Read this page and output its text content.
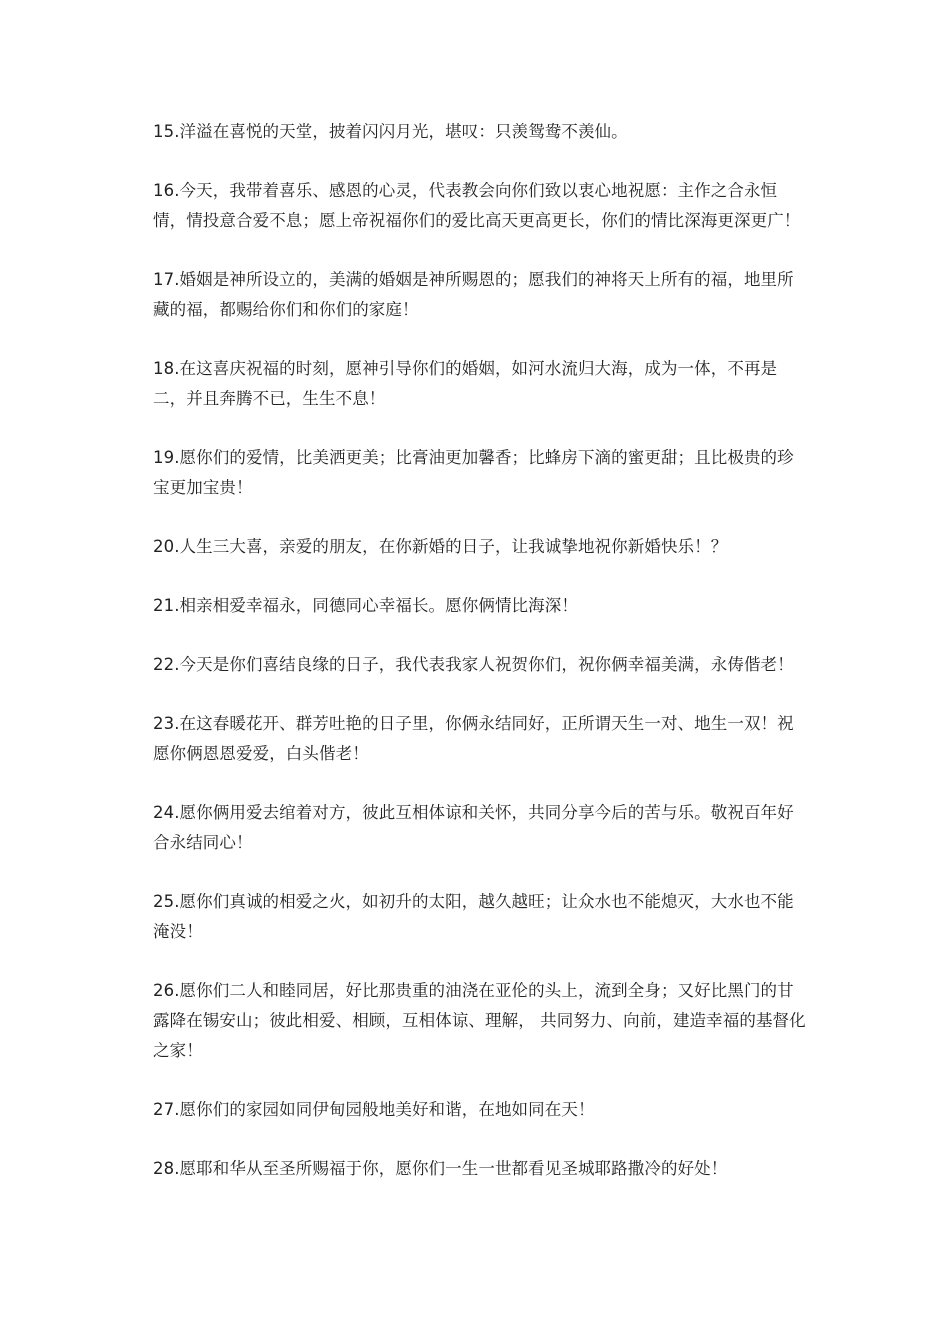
15.洋溢在喜悦的天堂，披着闪闪月光，堪叹：只羡鸳鸯不羡仙。

16.今天，我带着喜乐、感恩的心灵，代表教会向你们致以衷心地祝愿：主作之合永恒情，情投意合爱不息；愿上帝祝福你们的爱比高天更高更长，你们的情比深海更深更广！

17.婚姻是神所设立的，美满的婚姻是神所赐恩的；愿我们的神将天上所有的福，地里所藏的福，都赐给你们和你们的家庭！

18.在这喜庆祝福的时刻，愿神引导你们的婚姻，如河水流归大海，成为一体，不再是二，并且奔腾不已，生生不息！

19.愿你们的爱情，比美洒更美；比膏油更加馨香；比蜂房下滴的蜜更甜；且比极贵的珍宝更加宝贵！

20.人生三大喜，亲爱的朋友，在你新婚的日子，让我诚挚地祝你新婚快乐！？

21.相亲相爱幸福永，同德同心幸福长。愿你俩情比海深！

22.今天是你们喜结良缘的日子，我代表我家人祝贺你们，祝你俩幸福美满，永俦偕老！

23.在这春暖花开、群芳吐艳的日子里，你俩永结同好，正所谓天生一对、地生一双！祝愿你俩恩恩爱爱，白头偕老！

24.愿你俩用爱去绾着对方，彼此互相体谅和关怀，共同分享今后的苦与乐。敬祝百年好合永结同心！

25.愿你们真诚的相爱之火，如初升的太阳，越久越旺；让众水也不能熄灭，大水也不能淹没！

26.愿你们二人和睦同居，好比那贵重的油浇在亚伦的头上，流到全身；又好比黑门的甘露降在锡安山；彼此相爱、相顾，互相体谅、理解， 共同努力、向前，建造幸福的基督化之家！

27.愿你们的家园如同伊甸园般地美好和谐，在地如同在天！

28.愿耶和华从至圣所赐福于你，愿你们一生一世都看见圣城耶路撒冷的好处！
